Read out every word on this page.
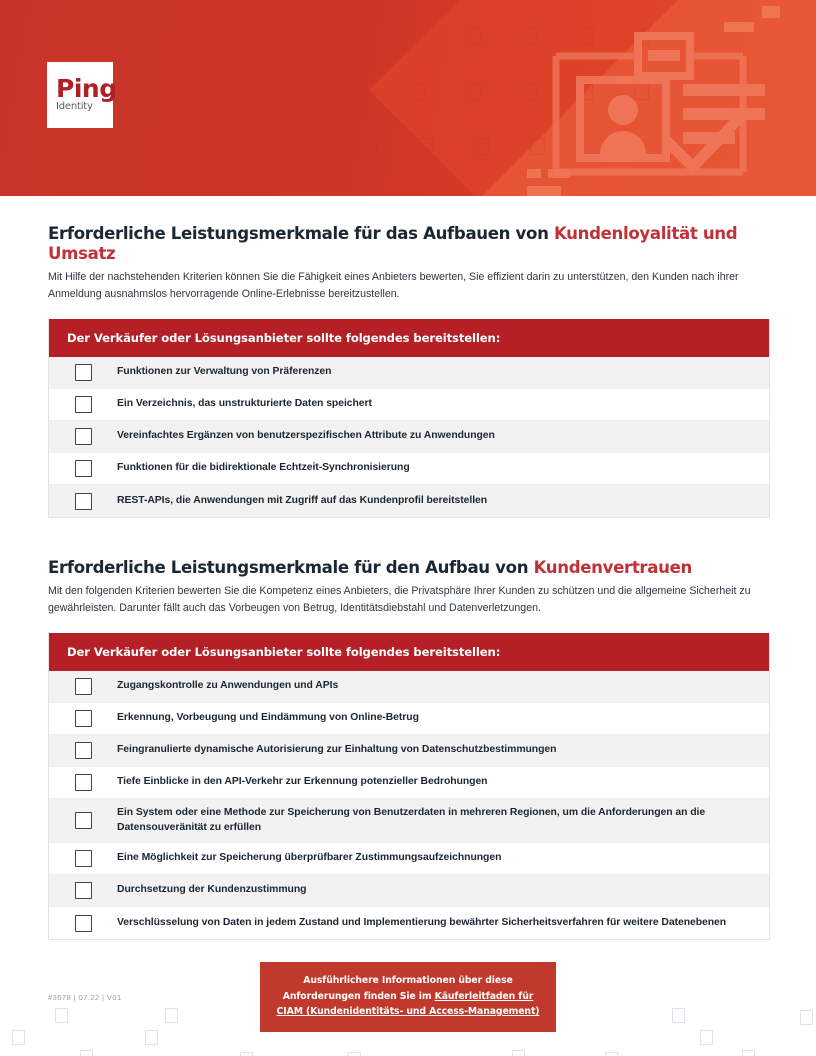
Ping
Identity
Erforderliche Leistungsmerkmale für das Aufbauen von Kundenloyalität und Umsatz

Mit Hilfe der nachstehenden Kriterien können Sie die Fähigkeit eines Anbieters bewerten, Sie effizient darin zu unterstützen, den Kunden nach ihrer Anmeldung ausnahmslos hervorragende Online-Erlebnisse bereitzustellen.

Der Verkäufer oder Lösungsanbieter sollte folgendes bereitstellen:
Funktionen zur Verwaltung von Präferenzen
Ein Verzeichnis, das unstrukturierte Daten speichert
Vereinfachtes Ergänzen von benutzerspezifischen Attribute zu Anwendungen
Funktionen für die bidirektionale Echtzeit-Synchronisierung
REST-APIs, die Anwendungen mit Zugriff auf das Kundenprofil bereitstellen
Erforderliche Leistungsmerkmale für den Aufbau von Kundenvertrauen

Mit den folgenden Kriterien bewerten Sie die Kompetenz eines Anbieters, die Privatsphäre Ihrer Kunden zu schützen und die allgemeine Sicherheit zu gewährleisten. Darunter fällt auch das Vorbeugen von Betrug, Identitätsdiebstahl und Datenverletzungen.

Der Verkäufer oder Lösungsanbieter sollte folgendes bereitstellen:
Zugangskontrolle zu Anwendungen und APIs
Erkennung, Vorbeugung und Eindämmung von Online-Betrug
Feingranulierte dynamische Autorisierung zur Einhaltung von Datenschutzbestimmungen
Tiefe Einblicke in den API-Verkehr zur Erkennung potenzieller Bedrohungen
Ein System oder eine Methode zur Speicherung von Benutzerdaten in mehreren Regionen, um die Anforderungen an die Datensouveränität zu erfüllen
Eine Möglichkeit zur Speicherung überprüfbarer Zustimmungsaufzeichnungen
Durchsetzung der Kundenzustimmung
Verschlüsselung von Daten in jedem Zustand und Implementierung bewährter Sicherheitsverfahren für weitere Datenebenen
Ausführlichere Informationen über diese
Anforderungen finden Sie im Käuferleitfaden für
CIAM (Kundenidentitäts- und Access-Management)
#3678 | 07.22 | V01
